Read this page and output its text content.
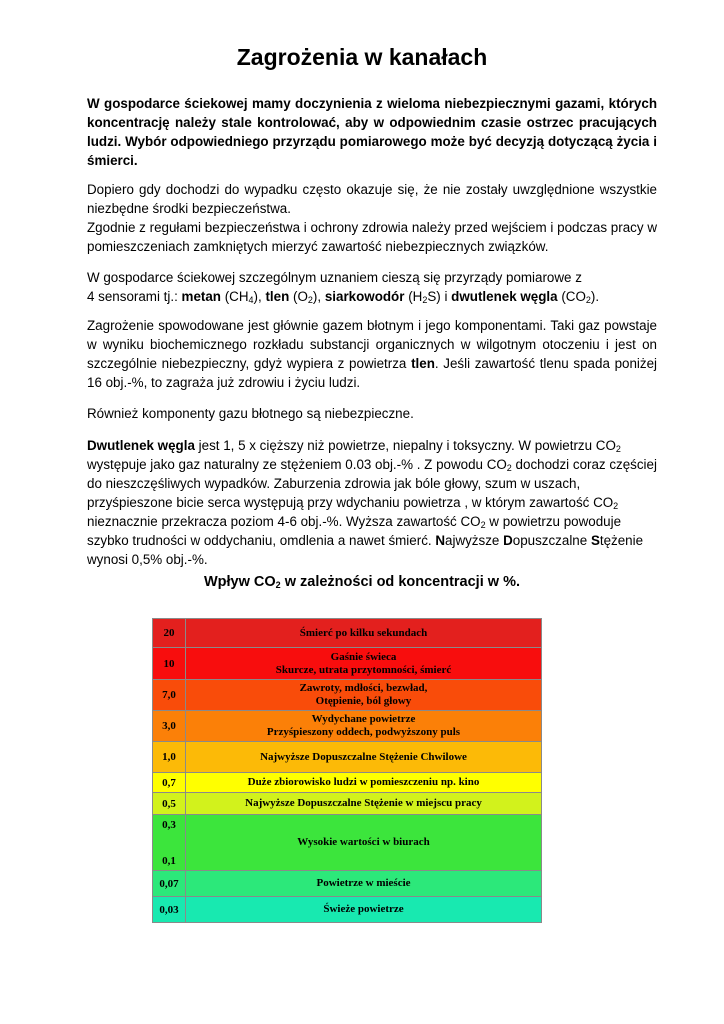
Zagrożenia w kanałach

W gospodarce ściekowej mamy doczynienia z wieloma niebezpiecznymi gazami, których koncentrację należy stale kontrolować, aby w odpowiednim czasie ostrzec pracujących ludzi. Wybór odpowiedniego przyrządu pomiarowego może być decyzją dotyczącą życia i śmierci.

Dopiero gdy dochodzi do wypadku często okazuje się, że nie zostały uwzględnione wszystkie niezbędne środki bezpieczeństwa.
Zgodnie z regułami bezpieczeństwa i ochrony zdrowia należy przed wejściem i podczas pracy w pomieszczeniach zamkniętych mierzyć zawartość niebezpiecznych związków.

W gospodarce ściekowej szczególnym uznaniem cieszą się przyrządy pomiarowe z
4 sensorami tj.: metan $(CH_4)$, tlen $(O_2)$, siarkowodór $(H_2S)$ i dwutlenek węgla $(CO_2)$.

Zagrożenie spowodowane jest głównie gazem błotnym i jego komponentami. Taki gaz powstaje w wyniku biochemicznego rozkładu substancji organicznych w wilgotnym otoczeniu i jest on szczególnie niebezpieczny, gdyż wypiera z powietrza tlen. Jeśli zawartość tlenu spada poniżej 16 obj.-%, to zagraża już zdrowiu i życiu ludzi.

Również komponenty gazu błotnego są niebezpieczne.

Dwutlenek węgla jest 1, 5 x cięższy niż powietrze, niepalny i toksyczny. W powietrzu $CO_2$
występuje jako gaz naturalny ze stężeniem 0.03 obj.-% . Z powodu $CO_2$ dochodzi coraz częściej do nieszczęśliwych wypadków. Zaburzenia zdrowia jak bóle głowy, szum w uszach, przyśpieszone bicie serca występują przy wdychaniu powietrza , w którym zawartość $CO_2$ nieznacznie przekracza poziom 4-6 obj.-%. Wyższa zawartość $CO_2$ w powietrzu powoduje szybko trudności w oddychaniu, omdlenia a nawet śmierć. Najwyższe Dopuszczalne Stężenie wynosi 0,5% obj.-%.

Wpływ $CO_2$ w zależności od koncentracji w %.

20	Śmierć po kilku sekundach
10	Gaśnie świeca
Skurcze, utrata przytomności, śmierć
7,0	Zawroty, mdłości, bezwład,
Otępienie, ból głowy
3,0	Wydychane powietrze
Przyśpieszony oddech, podwyższony puls
1,0	Najwyższe Dopuszczalne Stężenie Chwilowe
0,7	Duże zbiorowisko ludzi w pomieszczeniu np. kino
0,5	Najwyższe Dopuszczalne Stężenie w miejscu pracy

0,3
0,1	Wysokie wartości w biurach
0,07	Powietrze w mieście
0,03	Świeże powietrze
